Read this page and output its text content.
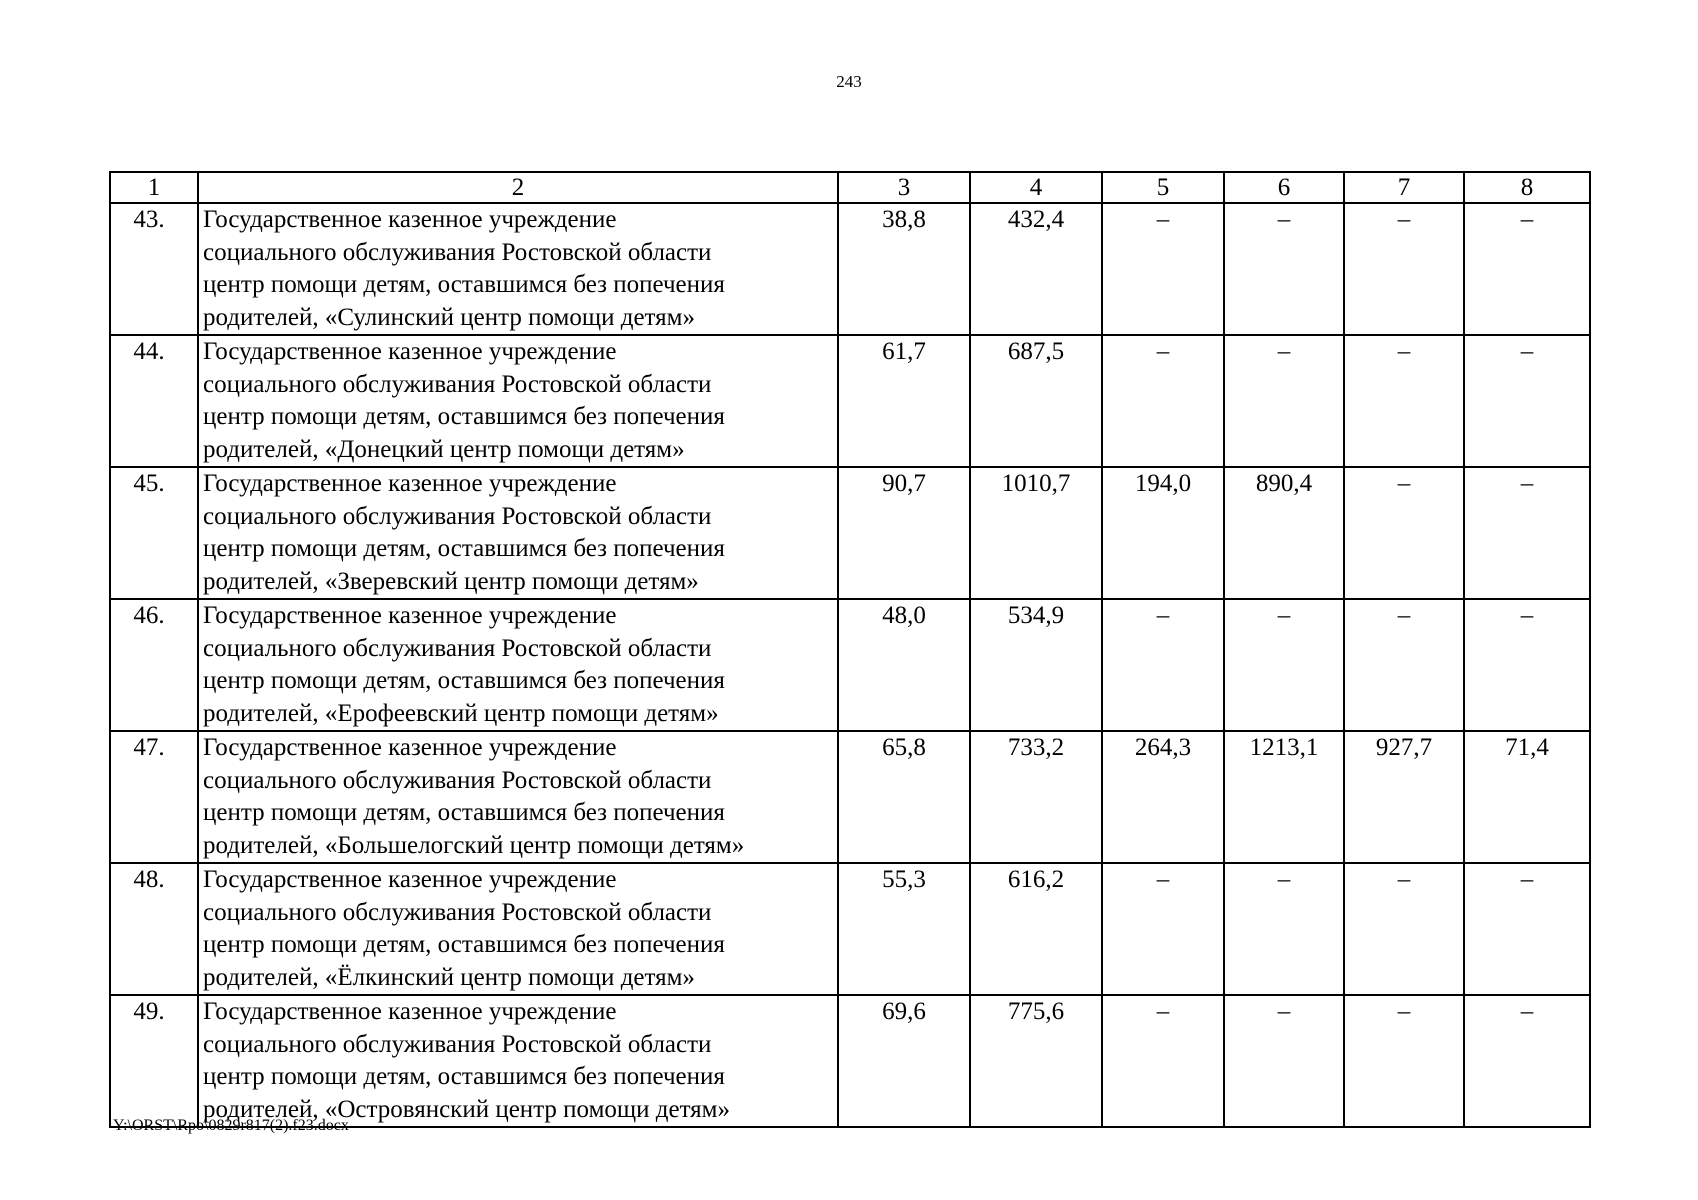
243
1	2	3	4	5	6	7	8
43.	Государственное казенное учреждение
социального обслуживания Ростовской области
центр помощи детям, оставшимся без попечения
родителей, «Сулинский центр помощи детям»	38,8	432,4	–	–	–	–
44.	Государственное казенное учреждение
социального обслуживания Ростовской области
центр помощи детям, оставшимся без попечения
родителей, «Донецкий центр помощи детям»	61,7	687,5	–	–	–	–
45.	Государственное казенное учреждение
социального обслуживания Ростовской области
центр помощи детям, оставшимся без попечения
родителей, «Зверевский центр помощи детям»	90,7	1010,7	194,0	890,4	–	–
46.	Государственное казенное учреждение
социального обслуживания Ростовской области
центр помощи детям, оставшимся без попечения
родителей, «Ерофеевский центр помощи детям»	48,0	534,9	–	–	–	–
47.	Государственное казенное учреждение
социального обслуживания Ростовской области
центр помощи детям, оставшимся без попечения
родителей, «Большелогский центр помощи детям»	65,8	733,2	264,3	1213,1	927,7	71,4
48.	Государственное казенное учреждение
социального обслуживания Ростовской области
центр помощи детям, оставшимся без попечения
родителей, «Ёлкинский центр помощи детям»	55,3	616,2	–	–	–	–
49.	Государственное казенное учреждение
социального обслуживания Ростовской области
центр помощи детям, оставшимся без попечения
родителей, «Островянский центр помощи детям»	69,6	775,6	–	–	–	–
Y:\ORST\Rpo\0829r817(2).f23.docx
